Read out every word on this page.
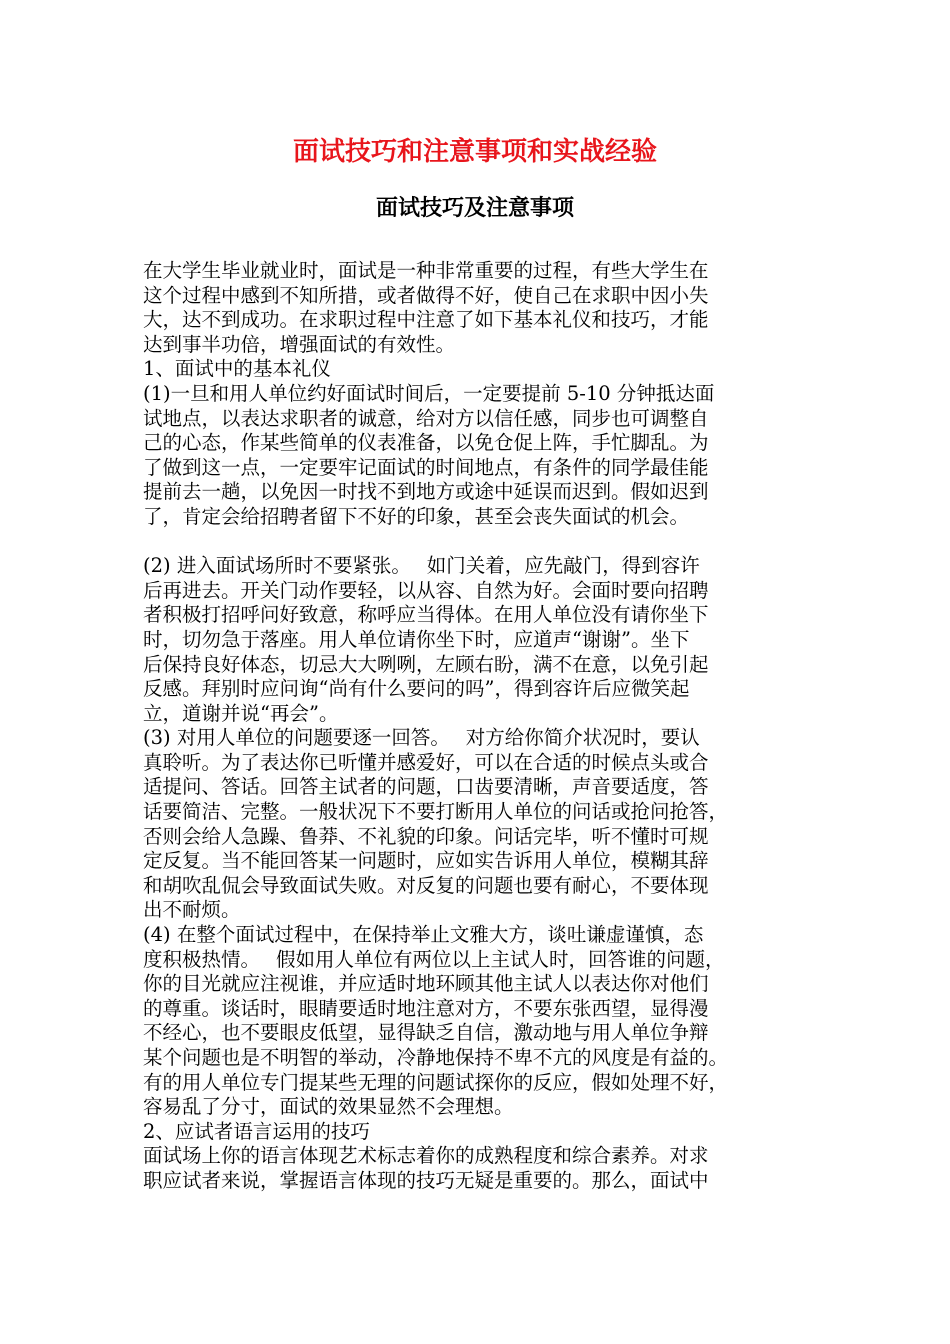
面试技巧和注意事项和实战经验
面试技巧及注意事项
在大学生毕业就业时，面试是一种非常重要的过程，有些大学生在
这个过程中感到不知所措，或者做得不好，使自己在求职中因小失
大，达不到成功。在求职过程中注意了如下基本礼仪和技巧，才能
达到事半功倍，增强面试的有效性。
1、面试中的基本礼仪
(1)一旦和用人单位约好面试时间后，一定要提前 5-10 分钟抵达面
试地点，以表达求职者的诚意，给对方以信任感，同步也可调整自
己的心态，作某些简单的仪表准备，以免仓促上阵，手忙脚乱。为
了做到这一点，一定要牢记面试的时间地点，有条件的同学最佳能
提前去一趟，以免因一时找不到地方或途中延误而迟到。假如迟到
了，肯定会给招聘者留下不好的印象，甚至会丧失面试的机会。
(2) 进入面试场所时不要紧张。　 如门关着，应先敲门，得到容许
后再进去。开关门动作要轻，以从容、自然为好。会面时要向招聘
者积极打招呼问好致意，称呼应当得体。在用人单位没有请你坐下
时，切勿急于落座。用人单位请你坐下时，应道声“谢谢”。坐下
后保持良好体态，切忌大大咧咧，左顾右盼，满不在意，以免引起
反感。拜别时应问询“尚有什么要问的吗”，得到容许后应微笑起
立，道谢并说“再会”。
(3) 对用人单位的问题要逐一回答。　 对方给你简介状况时，要认
真聆听。为了表达你已听懂并感爱好，可以在合适的时候点头或合
适提问、答话。回答主试者的问题，口齿要清晰，声音要适度，答
话要简洁、完整。一般状况下不要打断用人单位的问话或抢问抢答，
否则会给人急躁、鲁莽、不礼貌的印象。问话完毕，听不懂时可规
定反复。当不能回答某一问题时，应如实告诉用人单位，模糊其辞
和胡吹乱侃会导致面试失败。对反复的问题也要有耐心，不要体现
出不耐烦。
(4) 在整个面试过程中，在保持举止文雅大方，谈吐谦虚谨慎，态
度积极热情。　 假如用人单位有两位以上主试人时，回答谁的问题，
你的目光就应注视谁，并应适时地环顾其他主试人以表达你对他们
的尊重。谈话时，眼睛要适时地注意对方，不要东张西望，显得漫
不经心，也不要眼皮低望，显得缺乏自信，激动地与用人单位争辩
某个问题也是不明智的举动，冷静地保持不卑不亢的风度是有益的。
有的用人单位专门提某些无理的问题试探你的反应，假如处理不好，
容易乱了分寸，面试的效果显然不会理想。
2、应试者语言运用的技巧
面试场上你的语言体现艺术标志着你的成熟程度和综合素养。对求
职应试者来说，掌握语言体现的技巧无疑是重要的。那么，面试中
